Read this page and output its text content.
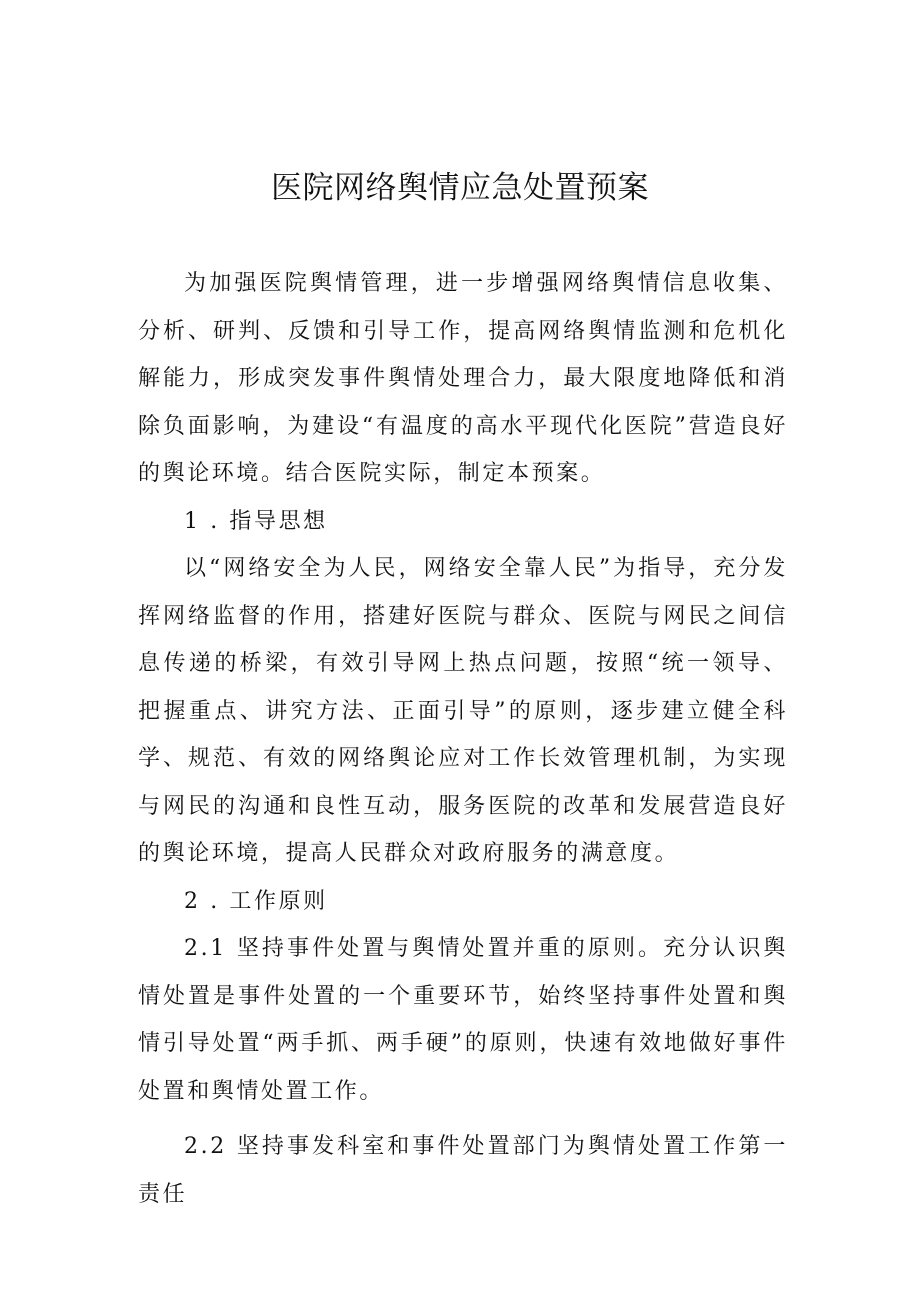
医院网络舆情应急处置预案

为加强医院舆情管理，进一步增强网络舆情信息收集、分析、研判、反馈和引导工作，提高网络舆情监测和危机化解能力，形成突发事件舆情处理合力，最大限度地降低和消除负面影响，为建设“有温度的高水平现代化医院”营造良好的舆论环境。结合医院实际，制定本预案。

1 . 指导思想

以“网络安全为人民，网络安全靠人民”为指导，充分发挥网络监督的作用，搭建好医院与群众、医院与网民之间信息传递的桥梁，有效引导网上热点问题，按照“统一领导、把握重点、讲究方法、正面引导”的原则，逐步建立健全科学、规范、有效的网络舆论应对工作长效管理机制，为实现与网民的沟通和良性互动，服务医院的改革和发展营造良好的舆论环境，提高人民群众对政府服务的满意度。

2 . 工作原则

2.1 坚持事件处置与舆情处置并重的原则。充分认识舆情处置是事件处置的一个重要环节，始终坚持事件处置和舆情引导处置“两手抓、两手硬”的原则，快速有效地做好事件处置和舆情处置工作。

2.2 坚持事发科室和事件处置部门为舆情处置工作第一责任
